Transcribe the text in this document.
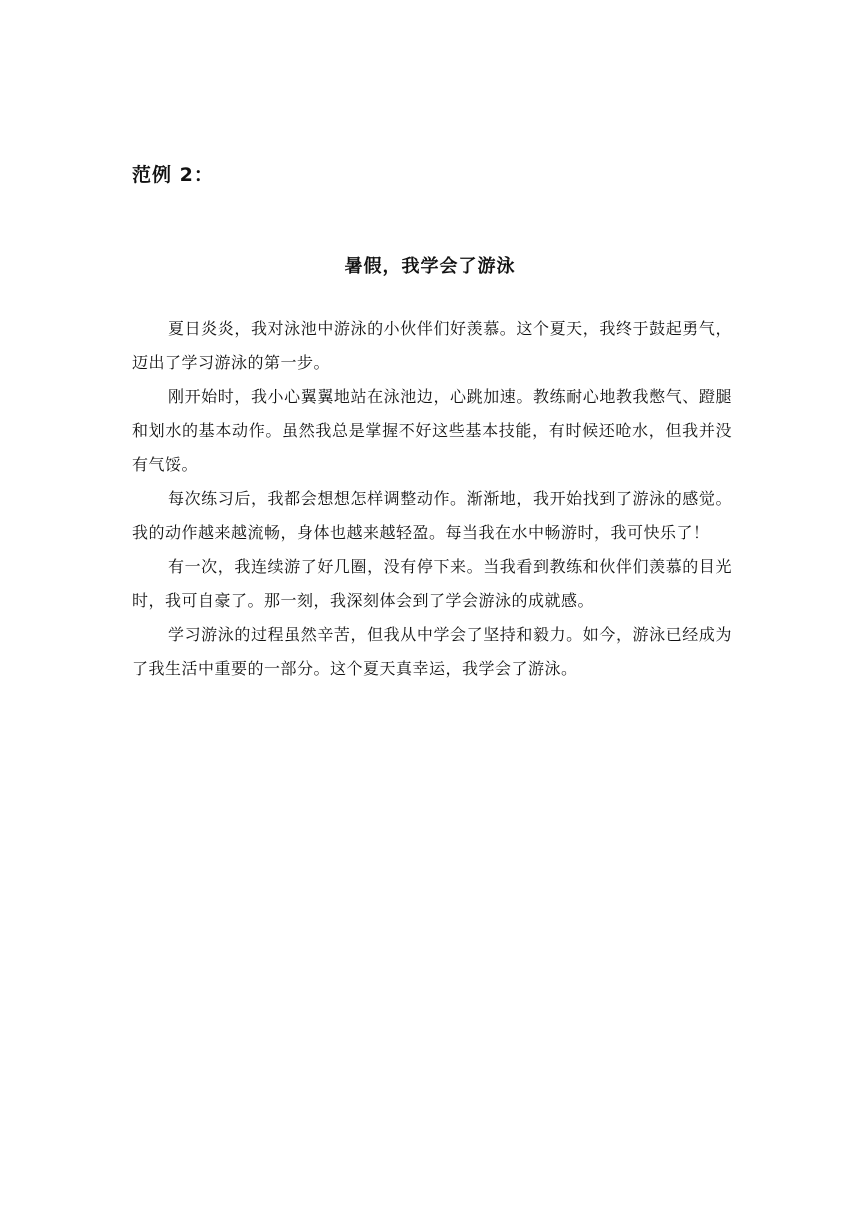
范例 2：
暑假，我学会了游泳

夏日炎炎，我对泳池中游泳的小伙伴们好羡慕。这个夏天，我终于鼓起勇气，迈出了学习游泳的第一步。

刚开始时，我小心翼翼地站在泳池边，心跳加速。教练耐心地教我憋气、蹬腿和划水的基本动作。虽然我总是掌握不好这些基本技能，有时候还呛水，但我并没有气馁。

每次练习后，我都会想想怎样调整动作。渐渐地，我开始找到了游泳的感觉。我的动作越来越流畅，身体也越来越轻盈。每当我在水中畅游时，我可快乐了！

有一次，我连续游了好几圈，没有停下来。当我看到教练和伙伴们羡慕的目光时，我可自豪了。那一刻，我深刻体会到了学会游泳的成就感。

学习游泳的过程虽然辛苦，但我从中学会了坚持和毅力。如今，游泳已经成为了我生活中重要的一部分。这个夏天真幸运，我学会了游泳。
